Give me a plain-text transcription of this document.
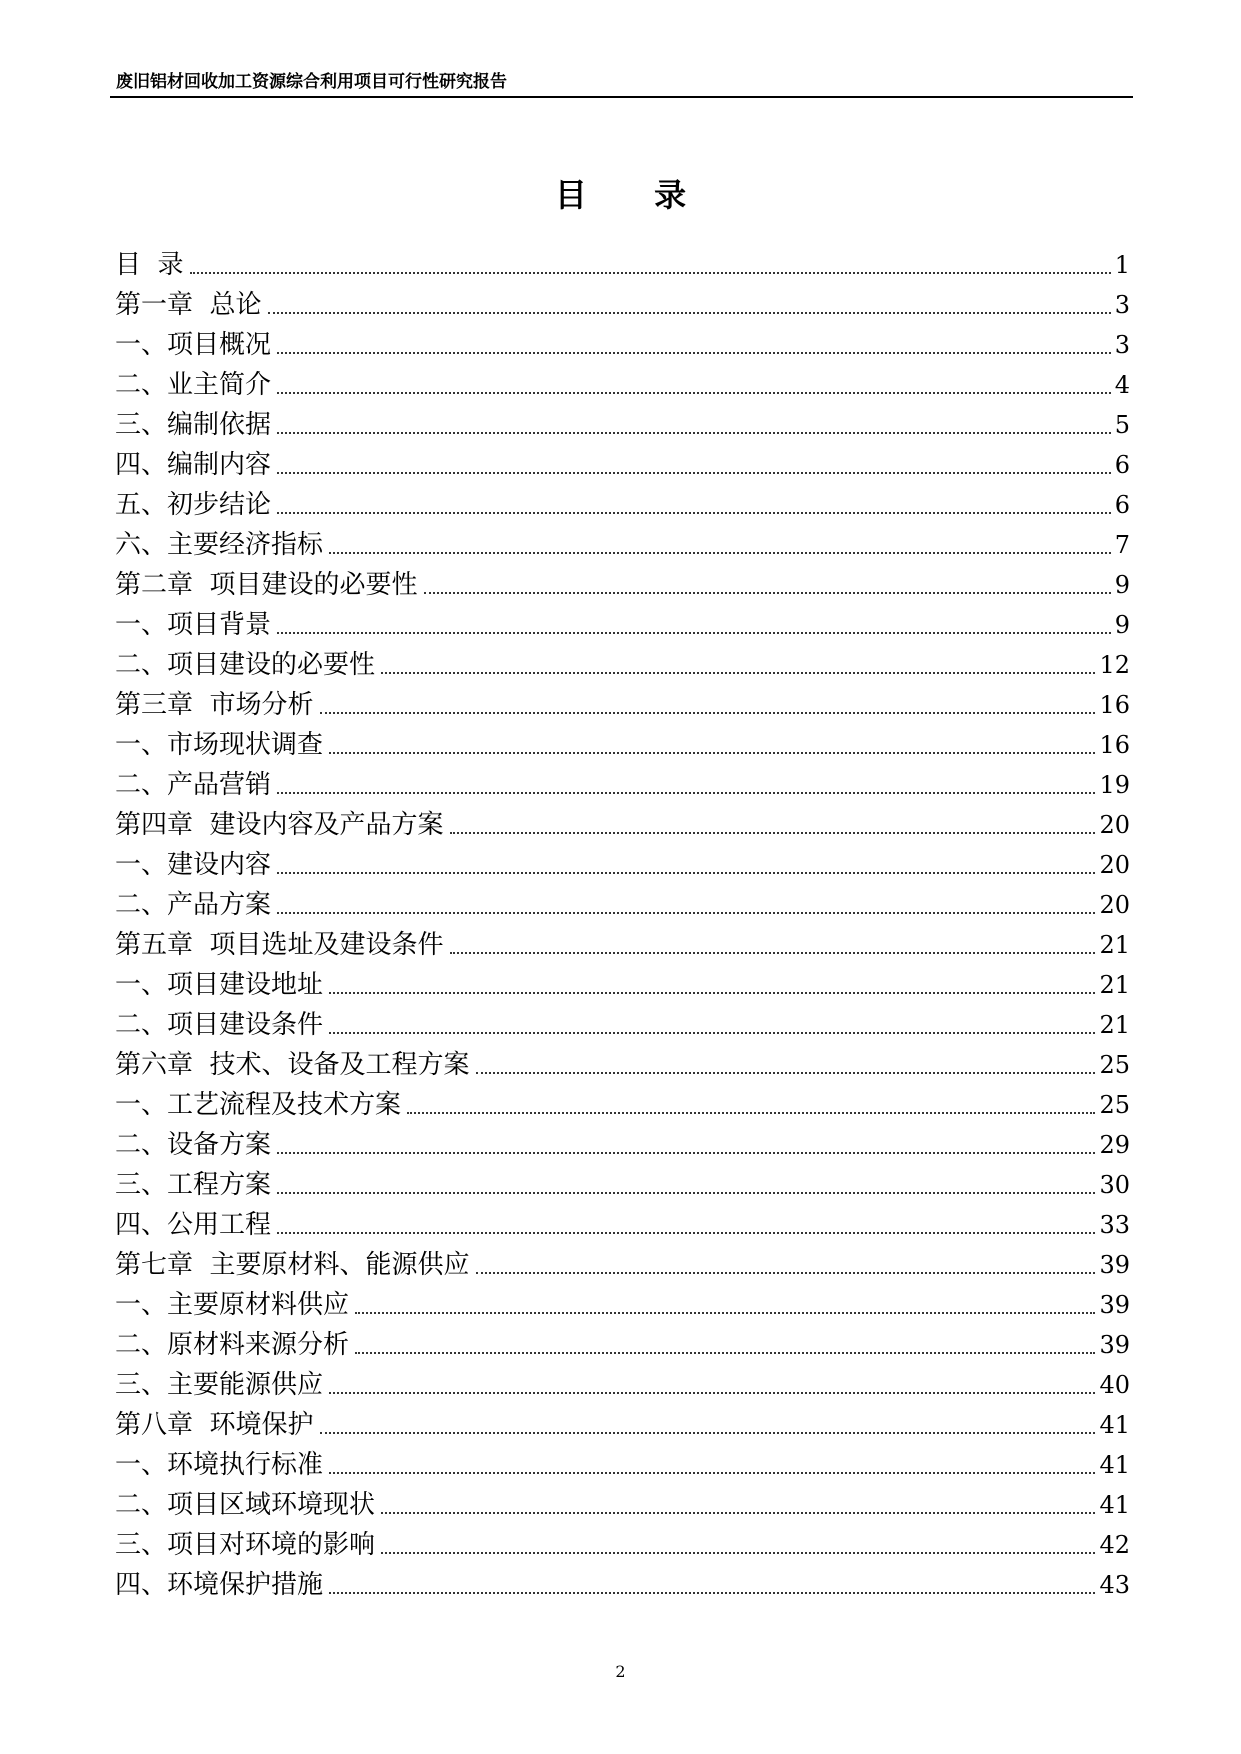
废旧铝材回收加工资源综合利用项目可行性研究报告
目 录
目  录	1
第一章  总论	3
一、项目概况	3
二、业主简介	4
三、编制依据	5
四、编制内容	6
五、初步结论	6
六、主要经济指标	7
第二章  项目建设的必要性	9
一、项目背景	9
二、项目建设的必要性	12
第三章  市场分析	16
一、市场现状调查	16
二、产品营销	19
第四章  建设内容及产品方案	20
一、建设内容	20
二、产品方案	20
第五章  项目选址及建设条件	21
一、项目建设地址	21
二、项目建设条件	21
第六章  技术、设备及工程方案	25
一、工艺流程及技术方案	25
二、设备方案	29
三、工程方案	30
四、公用工程	33
第七章  主要原材料、能源供应	39
一、主要原材料供应	39
二、原材料来源分析	39
三、主要能源供应	40
第八章  环境保护	41
一、环境执行标准	41
二、项目区域环境现状	41
三、项目对环境的影响	42
四、环境保护措施	43
2
